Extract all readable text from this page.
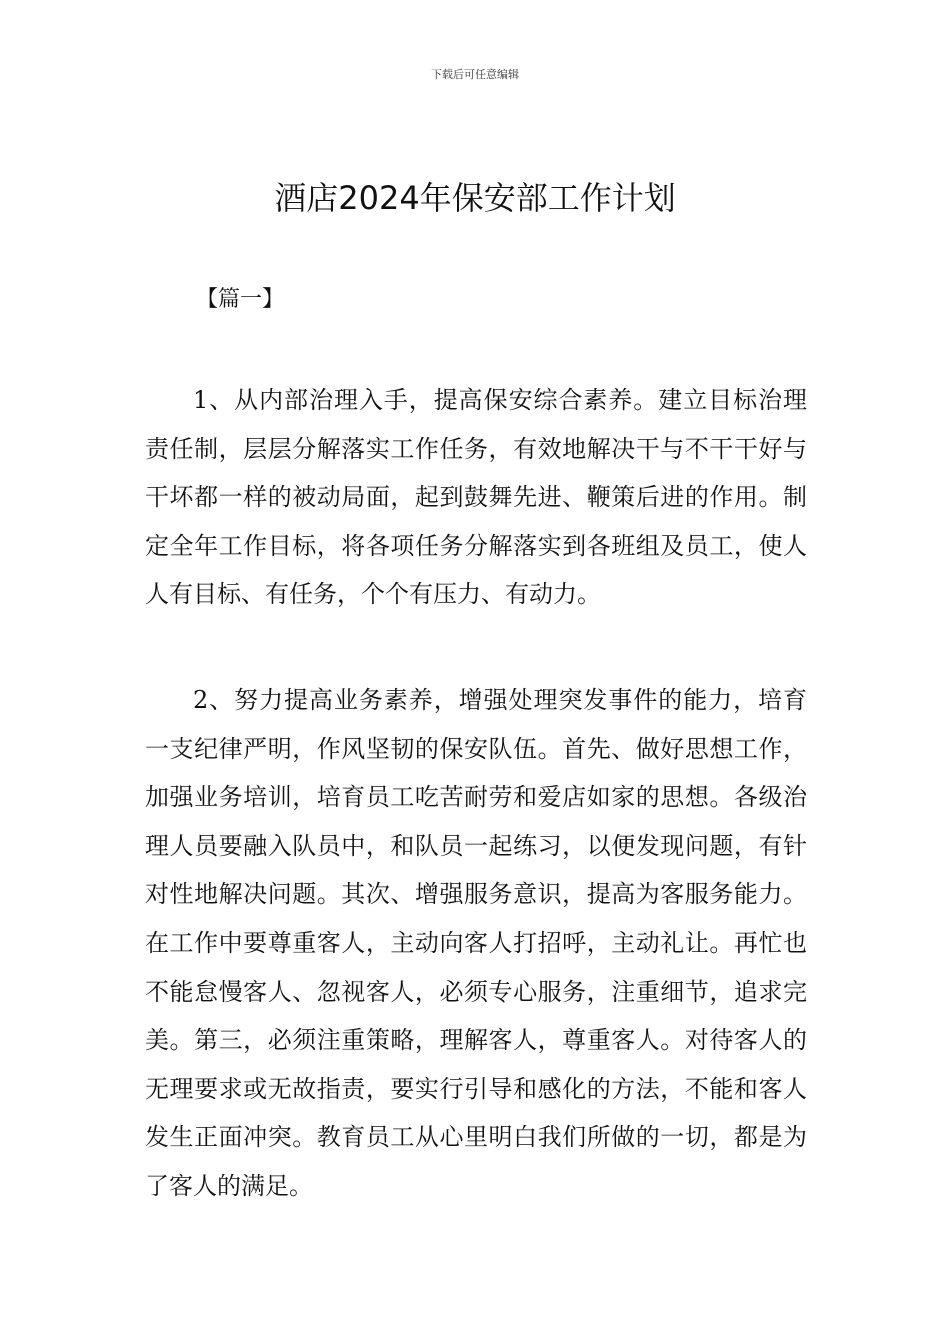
下载后可任意编辑
酒店2024年保安部工作计划
【篇一】

1、从内部治理入手，提高保安综合素养。建立目标治理责任制，层层分解落实工作任务，有效地解决干与不干干好与干坏都一样的被动局面，起到鼓舞先进、鞭策后进的作用。制定全年工作目标，将各项任务分解落实到各班组及员工，使人人有目标、有任务，个个有压力、有动力。

2、努力提高业务素养，增强处理突发事件的能力，培育一支纪律严明，作风坚韧的保安队伍。首先、做好思想工作，加强业务培训，培育员工吃苦耐劳和爱店如家的思想。各级治理人员要融入队员中，和队员一起练习，以便发现问题，有针对性地解决问题。其次、增强服务意识，提高为客服务能力。在工作中要尊重客人，主动向客人打招呼，主动礼让。再忙也不能怠慢客人、忽视客人，必须专心服务，注重细节，追求完美。第三，必须注重策略，理解客人，尊重客人。对待客人的无理要求或无故指责，要实行引导和感化的方法，不能和客人发生正面冲突。教育员工从心里明白我们所做的一切，都是为了客人的满足。
